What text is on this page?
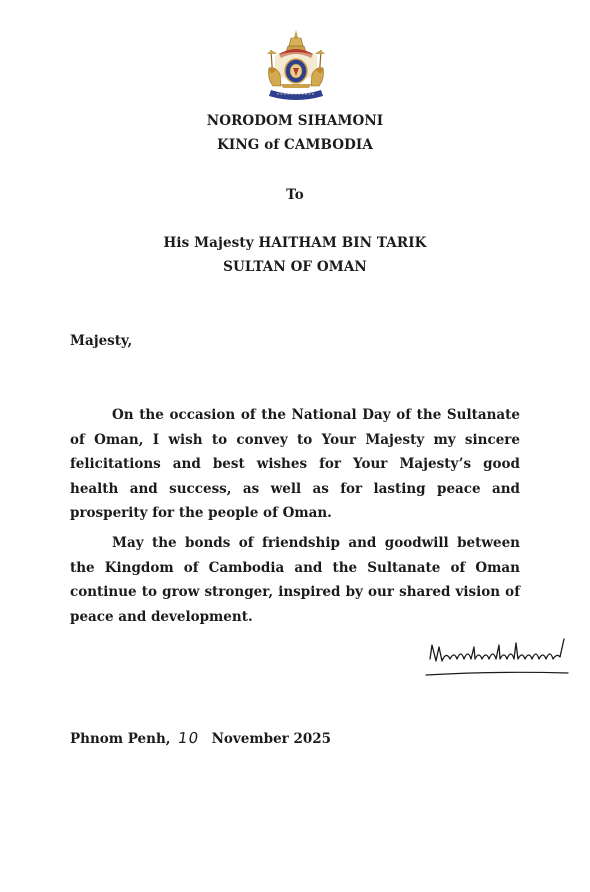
NORODOM SIHAMONI
KING of CAMBODIA
To
His Majesty HAITHAM BIN TARIK
SULTAN OF OMAN
Majesty,

On the occasion of the National Day of the Sultanate of Oman, I wish to convey to Your Majesty my sincere felicitations and best wishes for Your Majesty’s good health and success, as well as for lasting peace and prosperity for the people of Oman.

May the bonds of friendship and goodwill between the Kingdom of Cambodia and the Sultanate of Oman continue to grow stronger, inspired by our shared vision of peace and development.

Phnom Penh, 10 November 2025
